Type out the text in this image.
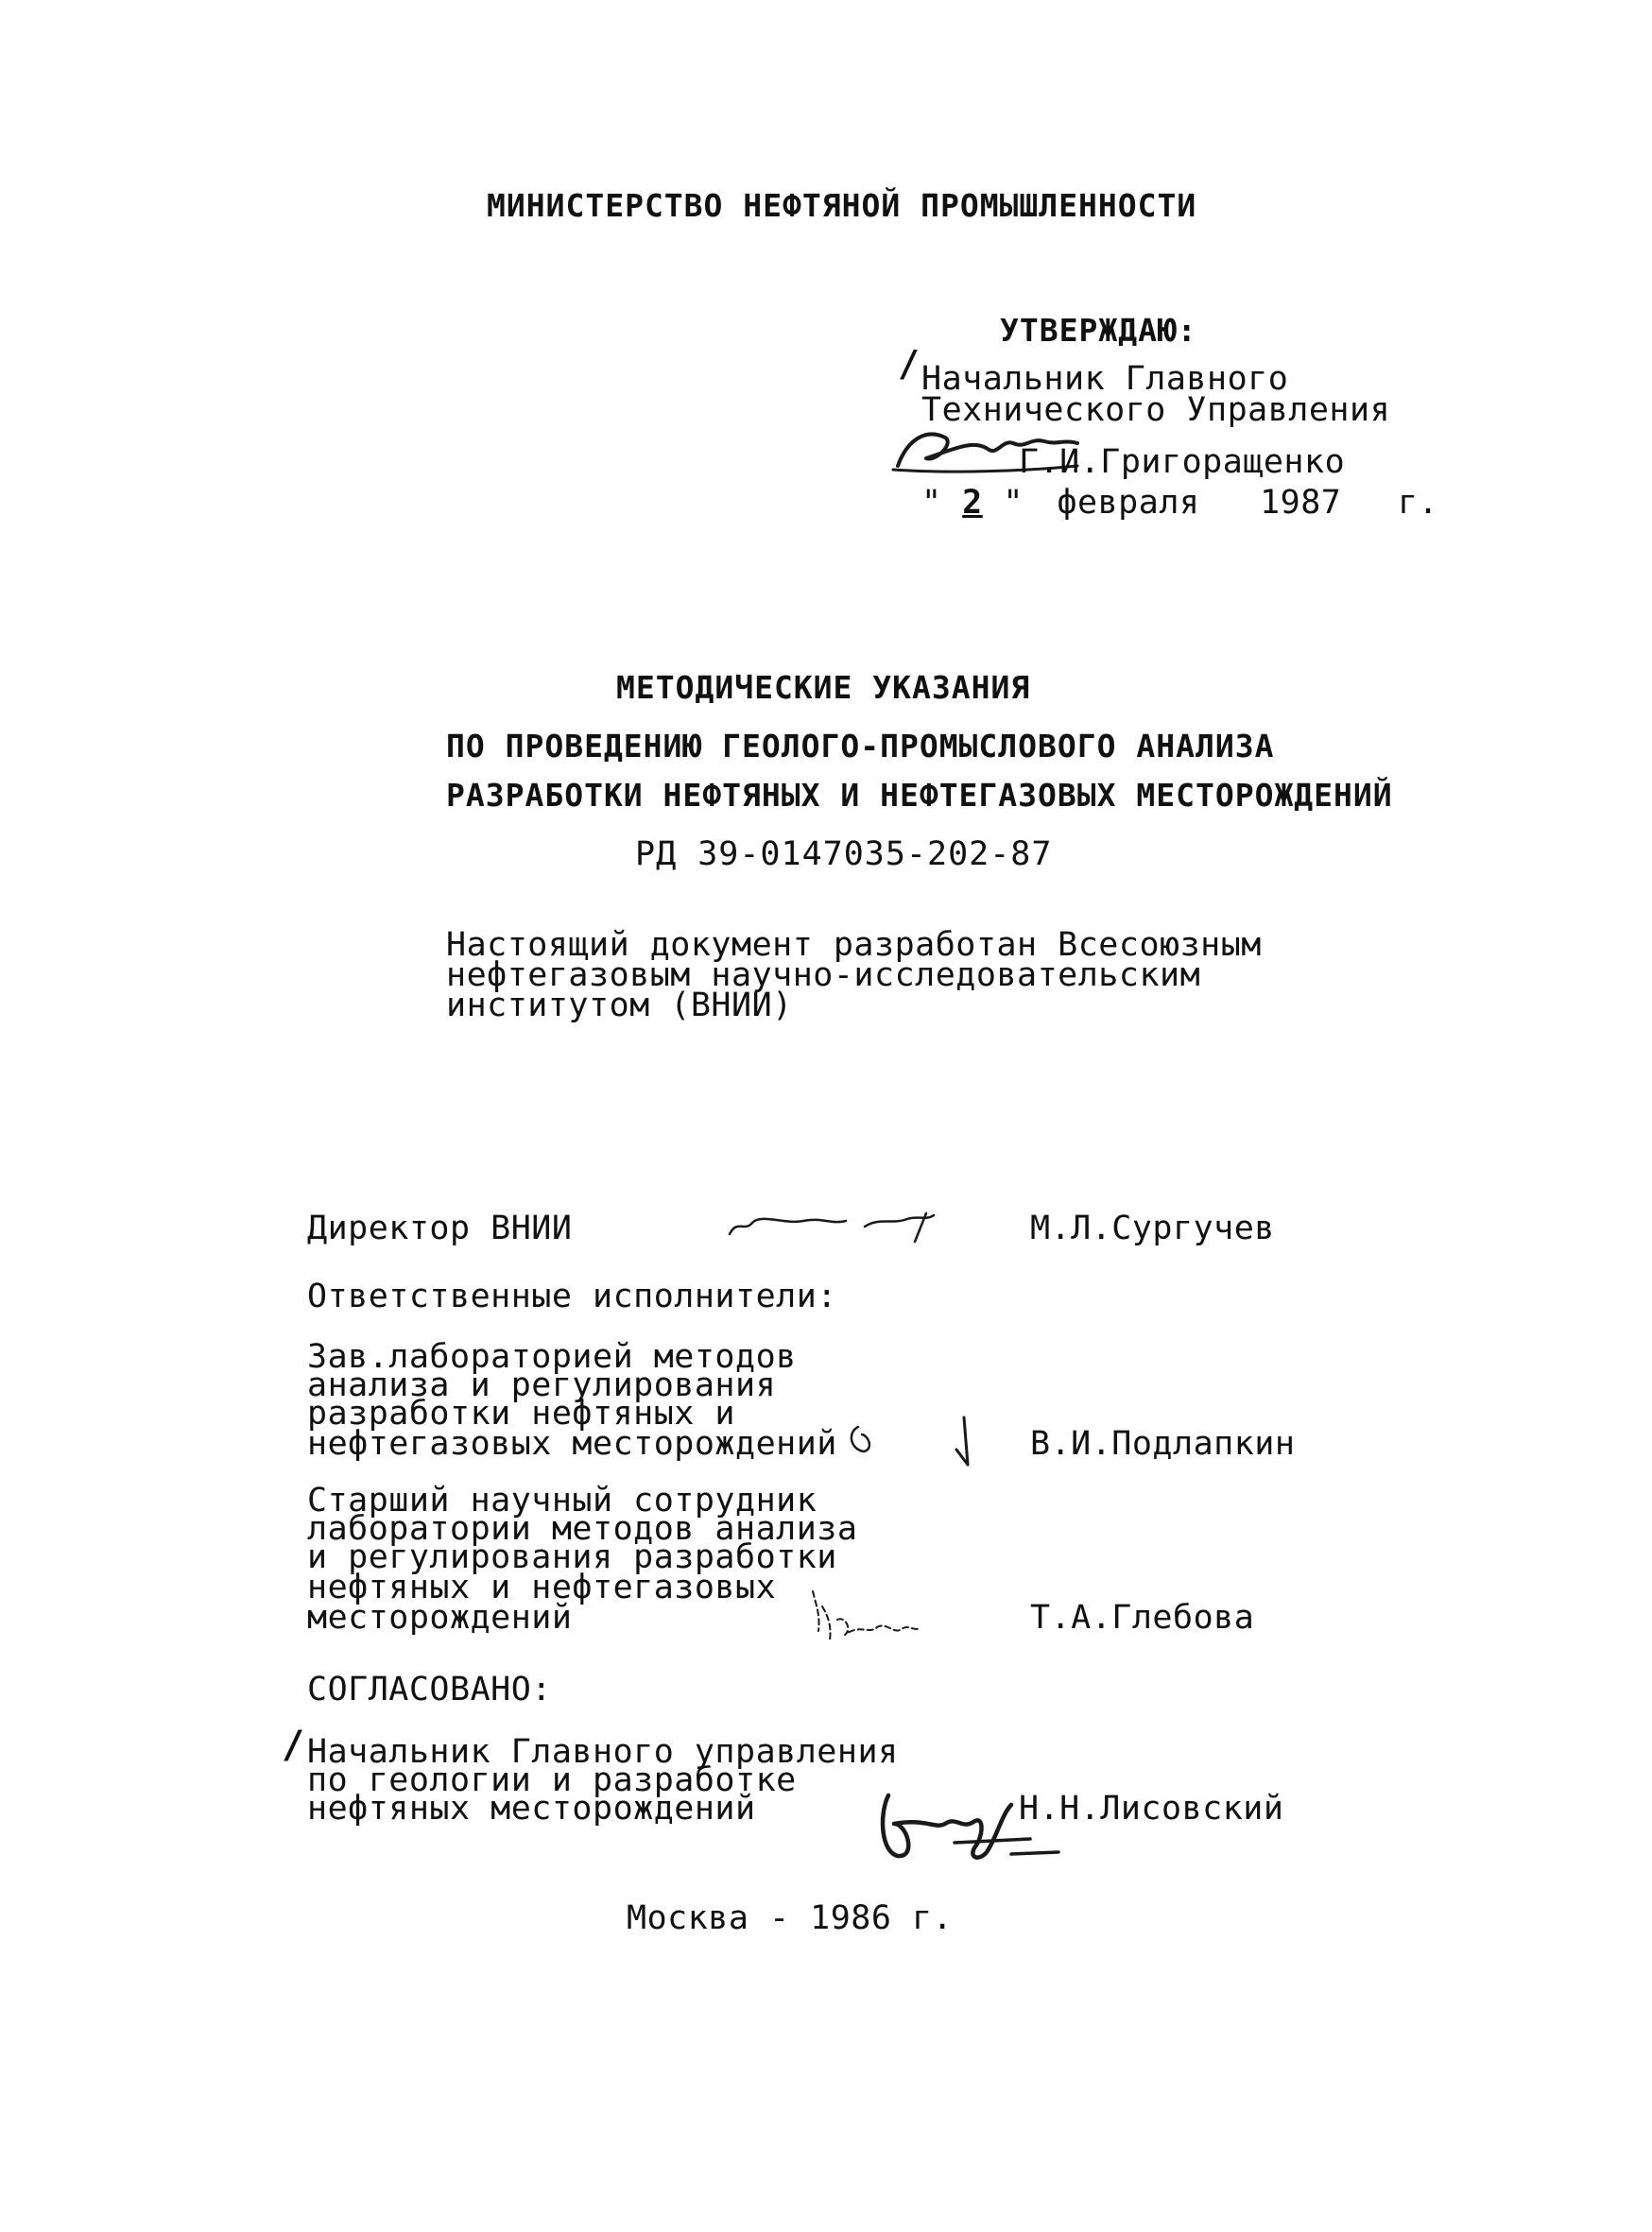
МИНИСТЕРСТВО НЕФТЯНОЙ ПРОМЫШЛЕННОСТИ
УТВЕРЖДАЮ:
/ Начальник Главного
Технического Управления
Г.И.Григоращенко
" 2 " февраля 1987 г.
МЕТОДИЧЕСКИЕ УКАЗАНИЯ
ПО ПРОВЕДЕНИЮ ГЕОЛОГО-ПРОМЫСЛОВОГО АНАЛИЗА
РАЗРАБОТКИ НЕФТЯНЫХ И НЕФТЕГАЗОВЫХ МЕСТОРОЖДЕНИЙ
РД 39-0147035-202-87
Настоящий документ разработан Всесоюзным
нефтегазовым научно-исследовательским
институтом (ВНИИ)
Директор ВНИИ	М.Л.Сургучев
Ответственные исполнители:
Зав.лабораторией методов
анализа и регулирования
разработки нефтяных и
нефтегазовых месторождений	В.И.Подлапкин
Старший научный сотрудник
лаборатории методов анализа
и регулирования разработки
нефтяных и нефтегазовых
месторождений	Т.А.Глебова
СОГЛАСОВАНО:
/ Начальник Главного управления
по геологии и разработке
нефтяных месторождений	Н.Н.Лисовский
Москва - 1986 г.
